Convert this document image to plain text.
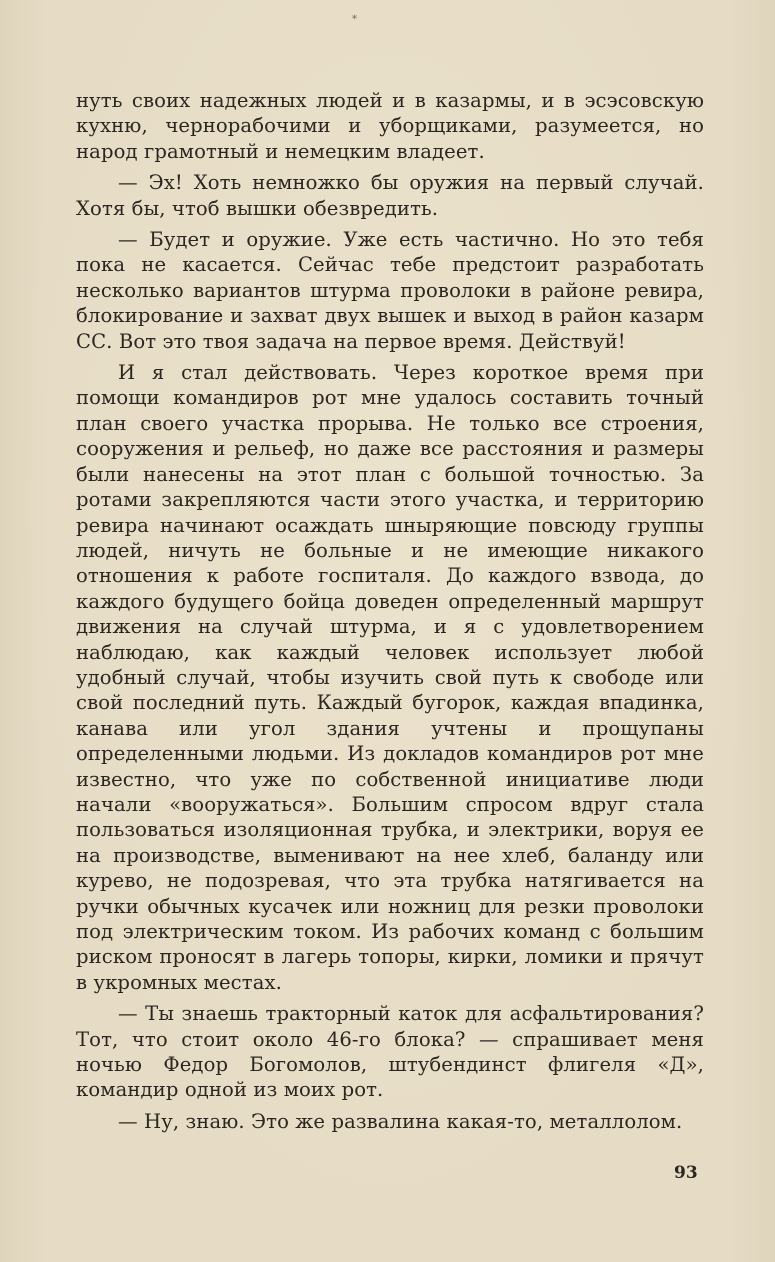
*

нуть своих надежных людей и в казармы, и в эсэсовскую кухню, чернорабочими и уборщиками, разумеется, но народ грамотный и немецким владеет.

— Эх! Хоть немножко бы оружия на первый случай. Хотя бы, чтоб вышки обезвредить.

— Будет и оружие. Уже есть частично. Но это тебя пока не касается. Сейчас тебе предстоит разработать несколько вариантов штурма проволоки в районе ревира, блокирование и захват двух вышек и выход в район казарм СС. Вот это твоя задача на первое время. Действуй!

И я стал действовать. Через короткое время при помощи командиров рот мне удалось составить точный план своего участка прорыва. Не только все строения, сооружения и рельеф, но даже все расстояния и размеры были нанесены на этот план с большой точностью. За ротами закрепляются части этого участка, и территорию ревира начинают осаждать шныряющие повсюду группы людей, ничуть не больные и не имеющие никакого отношения к работе госпиталя. До каждого взвода, до каждого будущего бойца доведен определенный маршрут движения на случай штурма, и я с удовлетворением наблюдаю, как каждый человек использует любой удобный случай, чтобы изучить свой путь к свободе или свой последний путь. Каждый бугорок, каждая впадинка, канава или угол здания учтены и прощупаны определенными людьми. Из докладов командиров рот мне известно, что уже по собственной инициативе люди начали «вооружаться». Большим спросом вдруг стала пользоваться изоляционная трубка, и электрики, воруя ее на производстве, выменивают на нее хлеб, баланду или курево, не подозревая, что эта трубка натягивается на ручки обычных кусачек или ножниц для резки проволоки под электрическим током. Из рабочих команд с большим риском проносят в лагерь топоры, кирки, ломики и прячут в укромных местах.

— Ты знаешь тракторный каток для асфальтирования? Тот, что стоит около 46-го блока? — спрашивает меня ночью Федор Богомолов, штубендинст флигеля «Д», командир одной из моих рот.

— Ну, знаю. Это же развалина какая-то, металлолом.

93
